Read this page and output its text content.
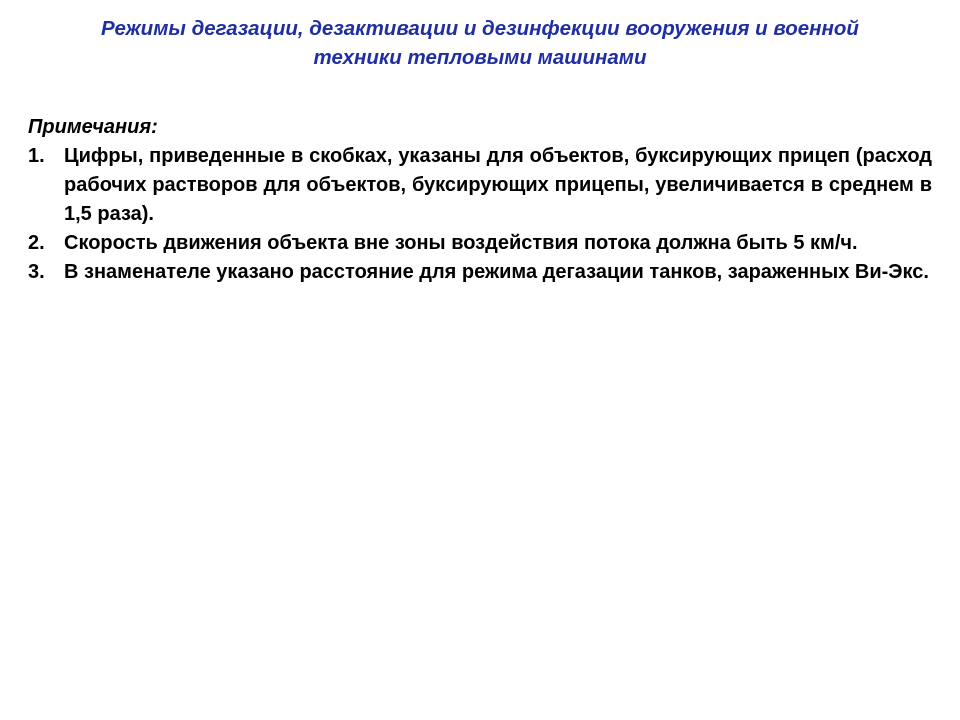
Режимы дегазации, дезактивации и дезинфекции вооружения и военной
техники тепловыми машинами
Примечания:
1. Цифры, приведенные в скобках, указаны для объектов, буксирующих прицеп (расход рабочих растворов для объектов, буксирующих прицепы, увеличивается в среднем в 1,5 раза).
2. Скорость движения объекта вне зоны воздействия потока должна быть 5 км/ч.
3. В знаменателе указано расстояние для режима дегазации танков, зараженных Ви-Экс.
